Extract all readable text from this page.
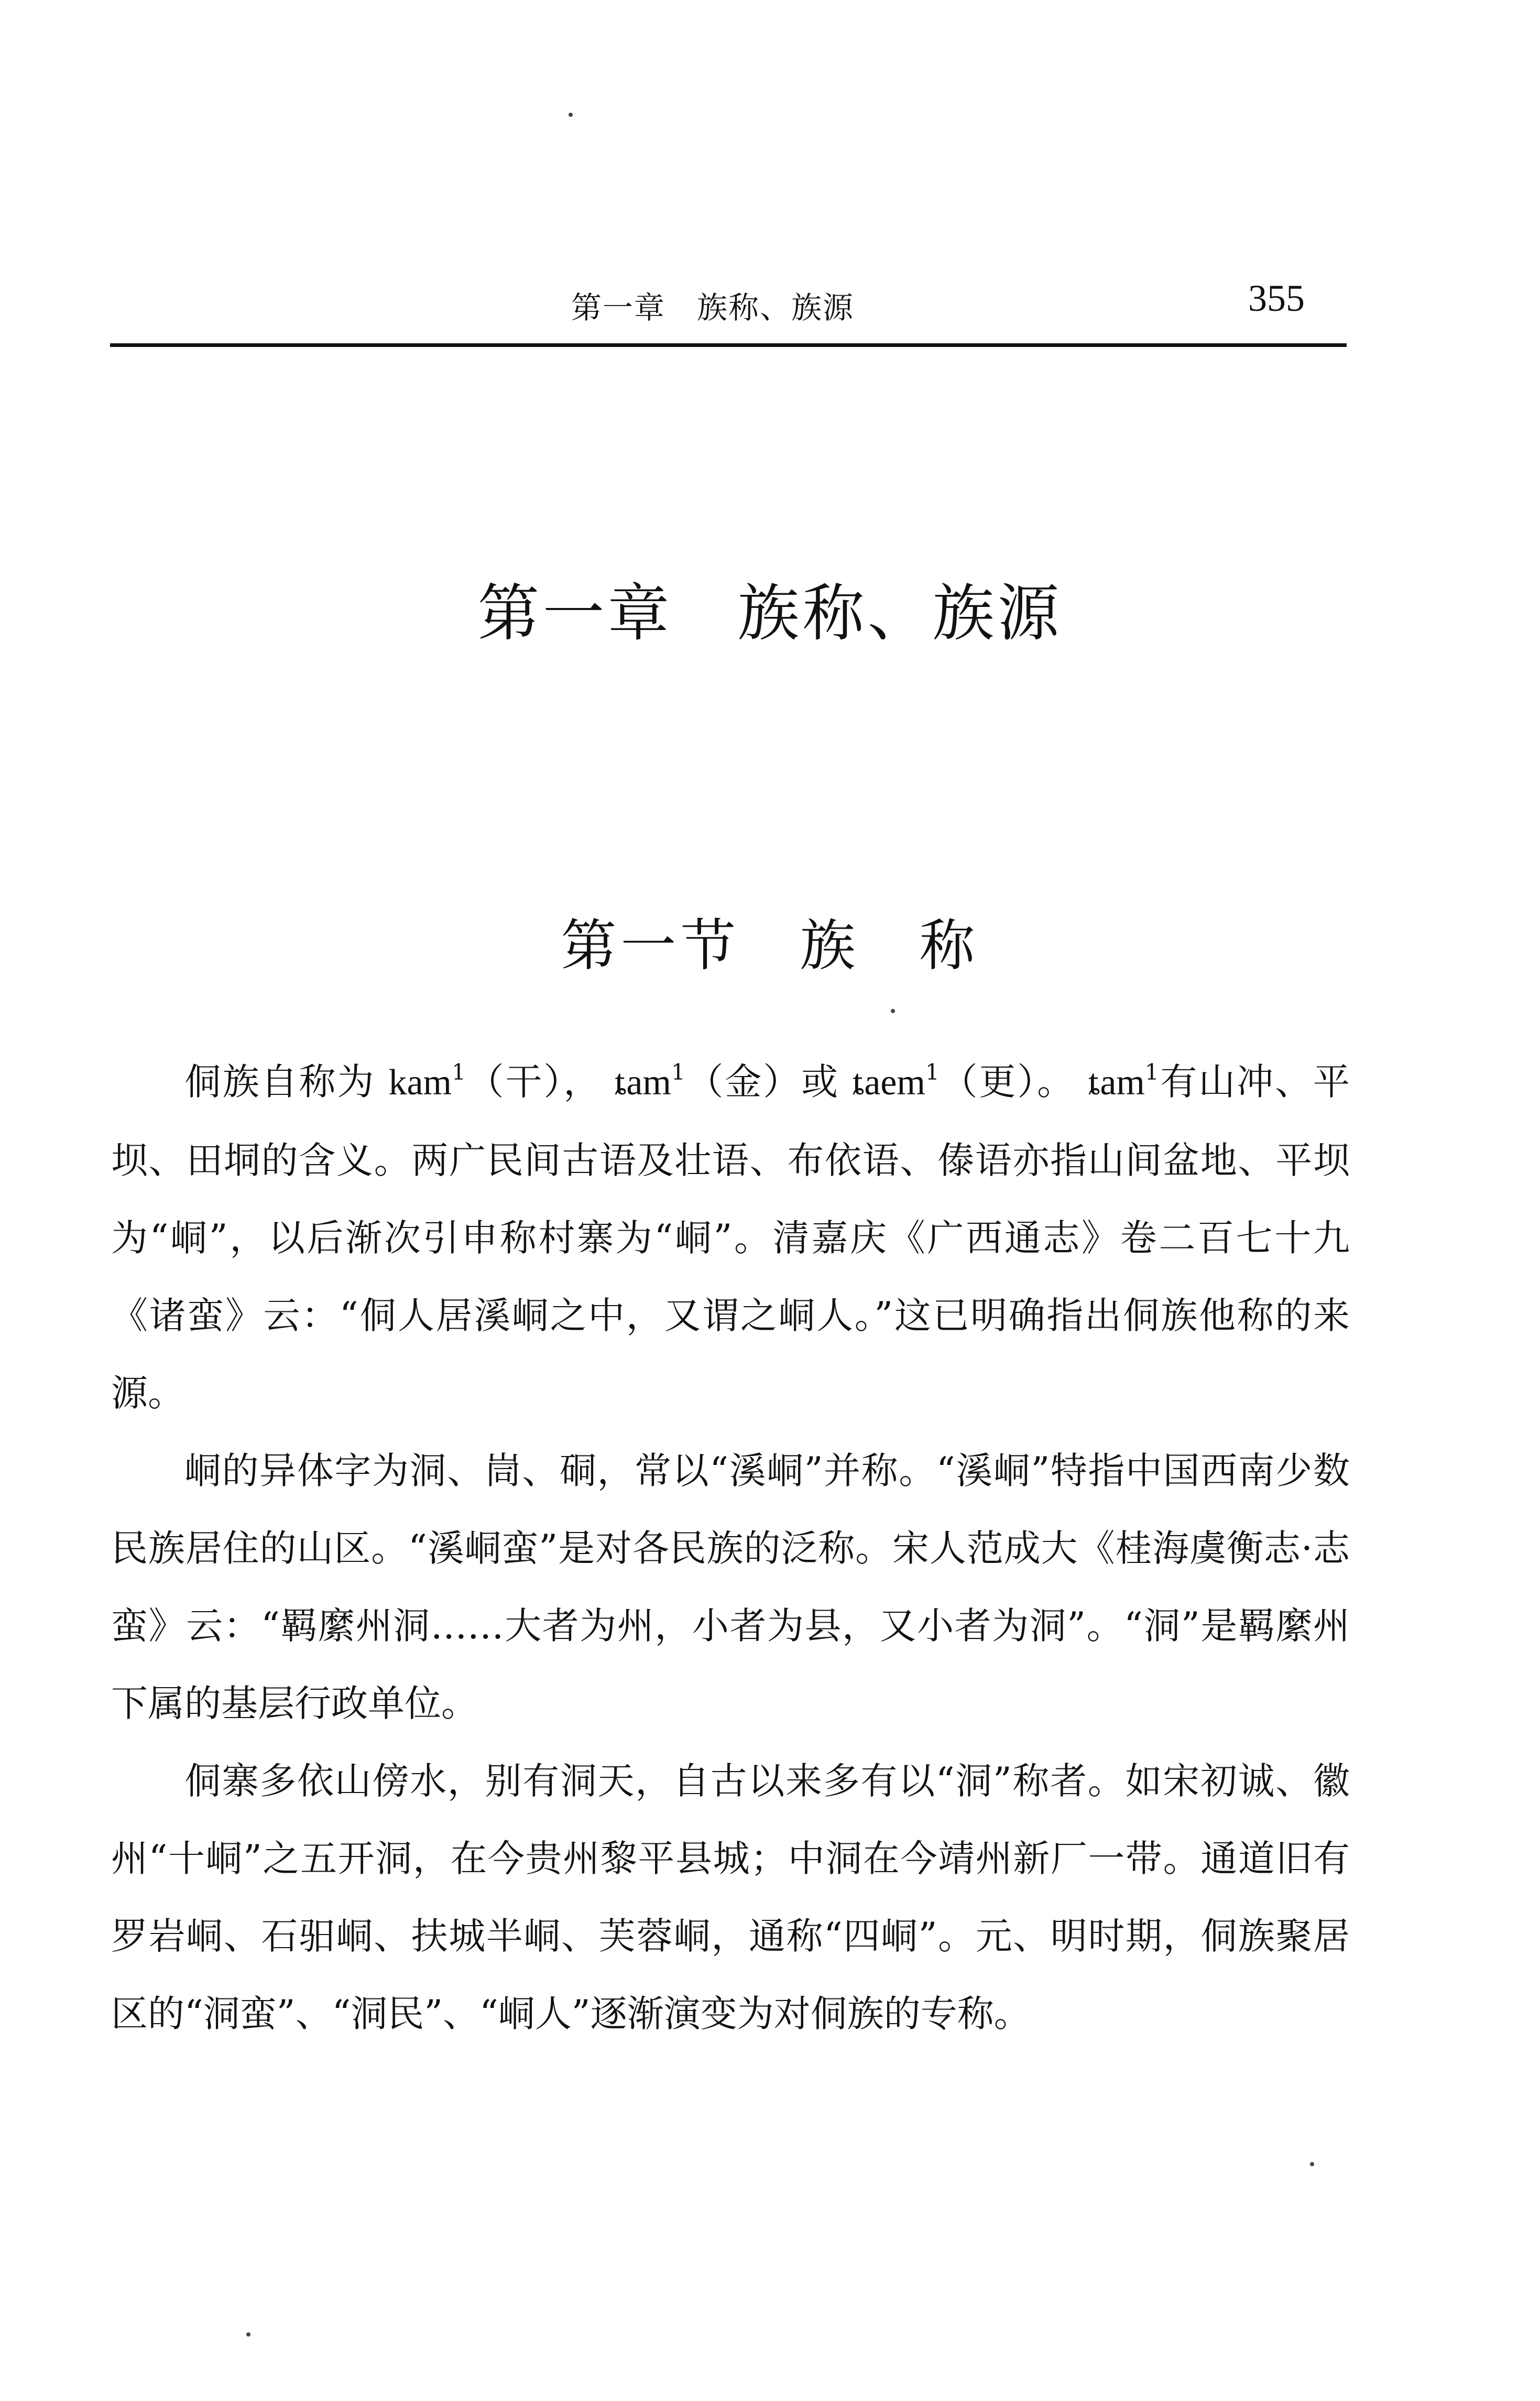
第一章　族称、族源	355
第一章　族称、族源
第一节　族　称

侗族自称为 kam$^1$（干）， ȶam$^1$（金）或 ȶaem$^1$（更）。 ȶam$^1$有山冲、平坝、田垌的含义。两广民间古语及壮语、布依语、傣语亦指山间盆地、平坝为“峒”，以后渐次引申称村寨为“峒”。清嘉庆《广西通志》卷二百七十九《诸蛮》云：“侗人居溪峒之中，又谓之峒人。”这已明确指出侗族他称的来源。

峒的异体字为洞、峝、硐，常以“溪峒”并称。“溪峒”特指中国西南少数民族居住的山区。“溪峒蛮”是对各民族的泛称。宋人范成大《桂海虞衡志·志蛮》云：“羁縻州洞……大者为州，小者为县，又小者为洞”。“洞”是羁縻州下属的基层行政单位。

侗寨多依山傍水，别有洞天，自古以来多有以“洞”称者。如宋初诚、徽州“十峒”之五开洞，在今贵州黎平县城；中洞在今靖州新厂一带。通道旧有罗岩峒、石驲峒、扶城半峒、芙蓉峒，通称“四峒”。元、明时期，侗族聚居区的“洞蛮”、“洞民”、“峒人”逐渐演变为对侗族的专称。
